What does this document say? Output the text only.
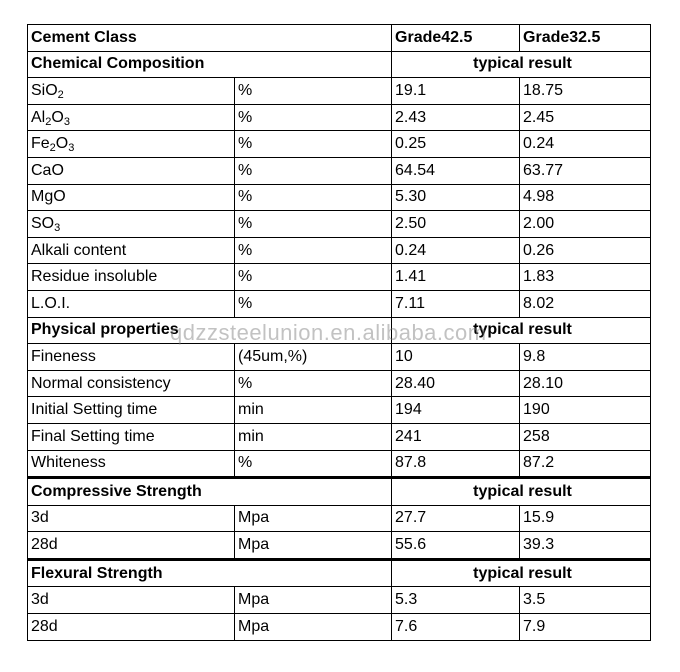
Cement Class		Grade42.5	Grade32.5
Chemical Composition		typical result	
SiO$_2$	%	19.1	18.75
$Al_2O_3$	%	2.43	2.45
$Fe_2O_3$	%	0.25	0.24
CaO	%	64.54	63.77
MgO	%	5.30	4.98
$SO_3$	%	2.50	2.00
Alkali content	%	0.24	0.26
Residue insoluble	%	1.41	1.83
L.O.I.	%	7.11	8.02
Physical properties		typical result	
Fineness	(45um,%)	10	9.8
Normal consistency	%	28.40	28.10
Initial Setting time	min	194	190
Final Setting time	min	241	258
Whiteness	%	87.8	87.2
Compressive Strength		typical result	
3d	Mpa	27.7	15.9
28d	Mpa	55.6	39.3
Flexural Strength		typical result	
3d	Mpa	5.3	3.5
28d	Mpa	7.6	7.9
qdzzsteelunion.en.alibaba.com
